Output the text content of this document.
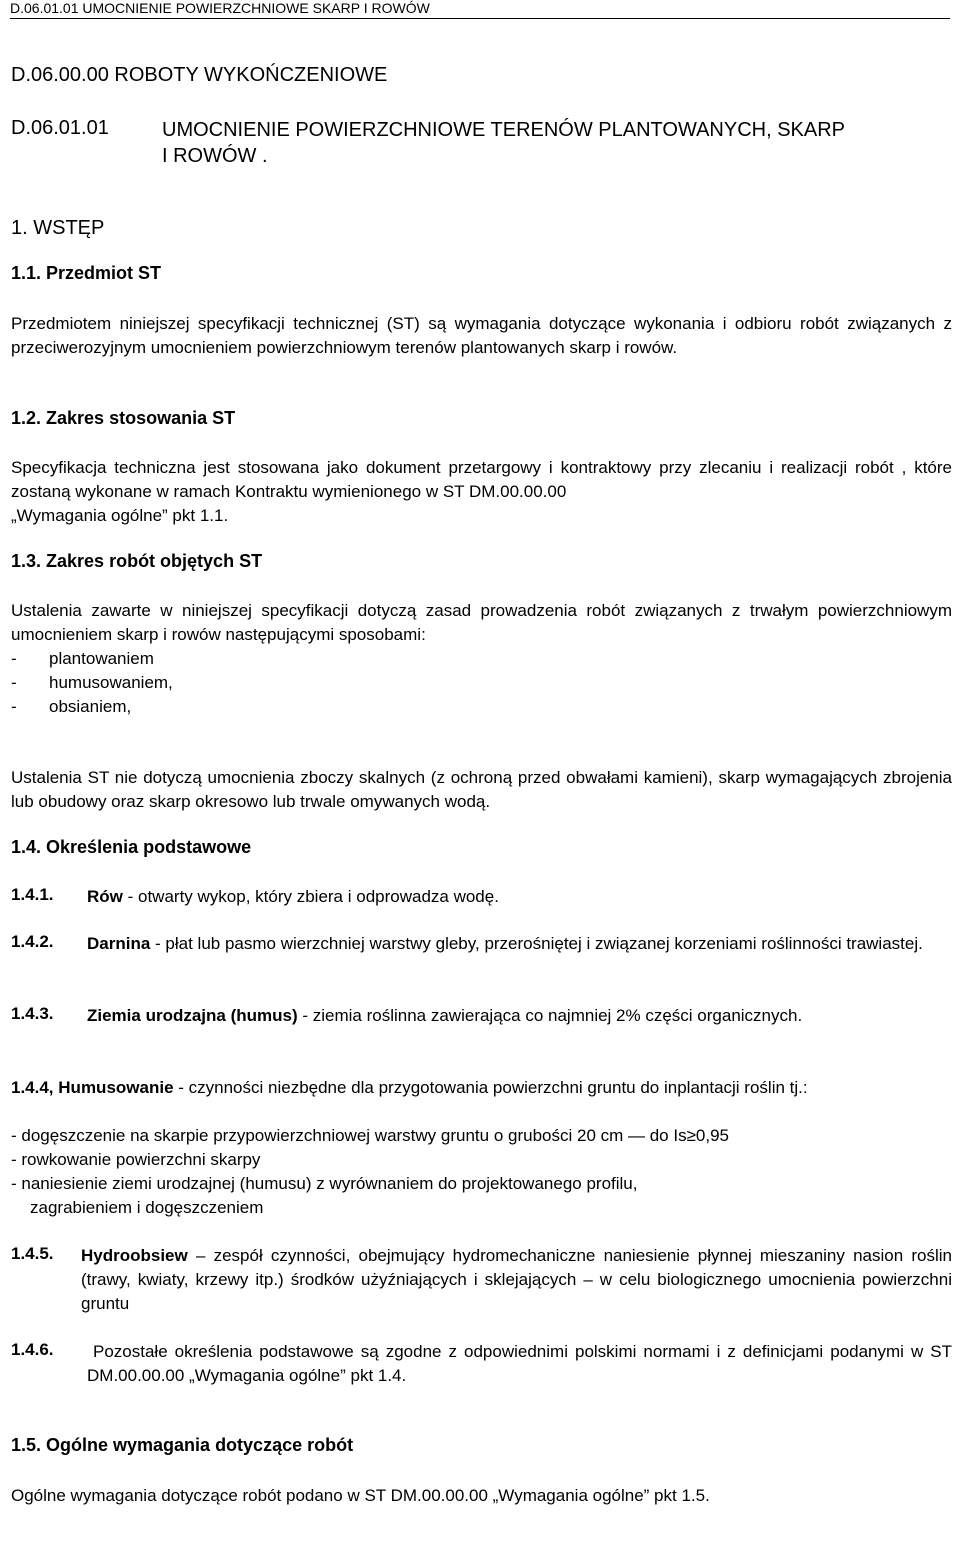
D.06.01.01 UMOCNIENIE POWIERZCHNIOWE SKARP I ROWÓW
D.06.00.00 ROBOTY WYKOŃCZENIOWE
D.06.01.01	UMOCNIENIE POWIERZCHNIOWE TERENÓW PLANTOWANYCH, SKARP
I ROWÓW .
1. WSTĘP
1.1. Przedmiot ST
Przedmiotem niniejszej specyfikacji technicznej (ST) są wymagania dotyczące wykonania i odbioru robót związanych z przeciwerozyjnym umocnieniem powierzchniowym terenów plantowanych skarp i rowów.
1.2. Zakres stosowania ST
Specyfikacja techniczna jest stosowana jako dokument przetargowy i kontraktowy przy zlecaniu i realizacji robót , które zostaną wykonane w ramach Kontraktu wymienionego w ST DM.00.00.00
„Wymagania ogólne” pkt 1.1.
1.3. Zakres robót objętych ST
Ustalenia zawarte w niniejszej specyfikacji dotyczą zasad prowadzenia robót związanych z trwałym powierzchniowym umocnieniem skarp i rowów następującymi sposobami:
- plantowaniem
- humusowaniem,
- obsianiem,
Ustalenia ST nie dotyczą umocnienia zboczy skalnych (z ochroną przed obwałami kamieni), skarp wymagających zbrojenia lub obudowy oraz skarp okresowo lub trwale omywanych wodą.
1.4. Określenia podstawowe
1.4.1. Rów - otwarty wykop, który zbiera i odprowadza wodę.
1.4.2. Darnina - płat lub pasmo wierzchniej warstwy gleby, przerośniętej i związanej korzeniami roślinności trawiastej.
1.4.3. Ziemia urodzajna (humus) - ziemia roślinna zawierająca co najmniej 2% części organicznych.
1.4.4, Humusowanie - czynności niezbędne dla przygotowania powierzchni gruntu do inplantacji roślin tj.:
- dogęszczenie na skarpie przypowierzchniowej warstwy gruntu o grubości 20 cm — do Is≥0,95
- rowkowanie powierzchni skarpy
- naniesienie ziemi urodzajnej (humusu) z wyrównaniem do projektowanego profilu,
zagrabieniem i dogęszczeniem
1.4.5. Hydroobsiew – zespół czynności, obejmujący hydromechaniczne naniesienie płynnej mieszaniny nasion roślin (trawy, kwiaty, krzewy itp.) środków użyźniających i sklejających – w celu biologicznego umocnienia powierzchni gruntu
1.4.6.	Pozostałe określenia podstawowe są zgodne z odpowiednimi polskimi normami i z definicjami podanymi w ST DM.00.00.00 „Wymagania ogólne” pkt 1.4.
1.5. Ogólne wymagania dotyczące robót
Ogólne wymagania dotyczące robót podano w ST DM.00.00.00 „Wymagania ogólne” pkt 1.5.
